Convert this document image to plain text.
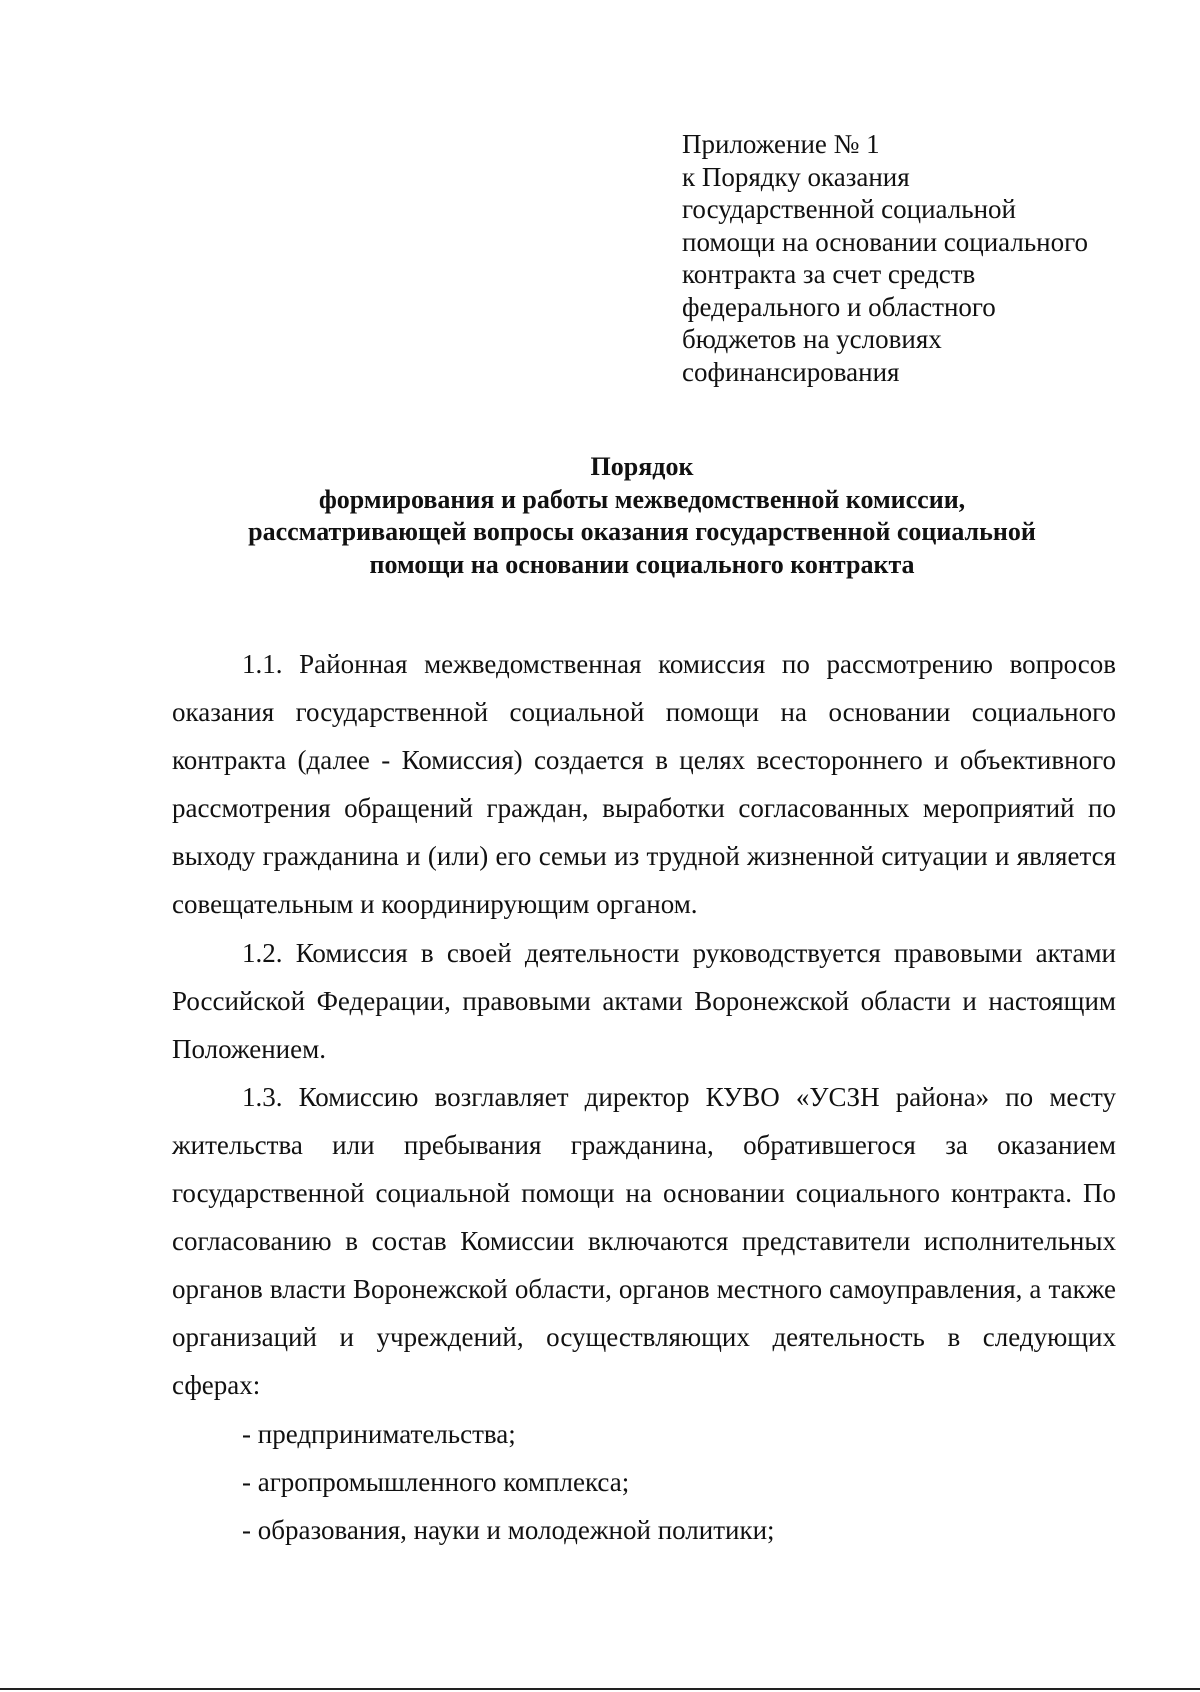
Приложение № 1
к Порядку оказания
государственной социальной
помощи на основании социального
контракта за счет средств
федерального и областного
бюджетов на условиях
софинансирования
Порядок
формирования и работы межведомственной комиссии,
рассматривающей вопросы оказания государственной социальной
помощи на основании социального контракта

1.1. Районная межведомственная комиссия по рассмотрению вопросов оказания государственной социальной помощи на основании социального контракта (далее - Комиссия) создается в целях всестороннего и объективного рассмотрения обращений граждан, выработки согласованных мероприятий по выходу гражданина и (или) его семьи из трудной жизненной ситуации и является совещательным и координирующим органом.

1.2. Комиссия в своей деятельности руководствуется правовыми актами Российской Федерации, правовыми актами Воронежской области и настоящим Положением.

1.3. Комиссию возглавляет директор КУВО «УСЗН района» по месту жительства или пребывания гражданина, обратившегося за оказанием государственной социальной помощи на основании социального контракта. По согласованию в состав Комиссии включаются представители исполнительных органов власти Воронежской области, органов местного самоуправления, а также организаций и учреждений, осуществляющих деятельность в следующих сферах:

- предпринимательства;

- агропромышленного комплекса;

- образования, науки и молодежной политики;
